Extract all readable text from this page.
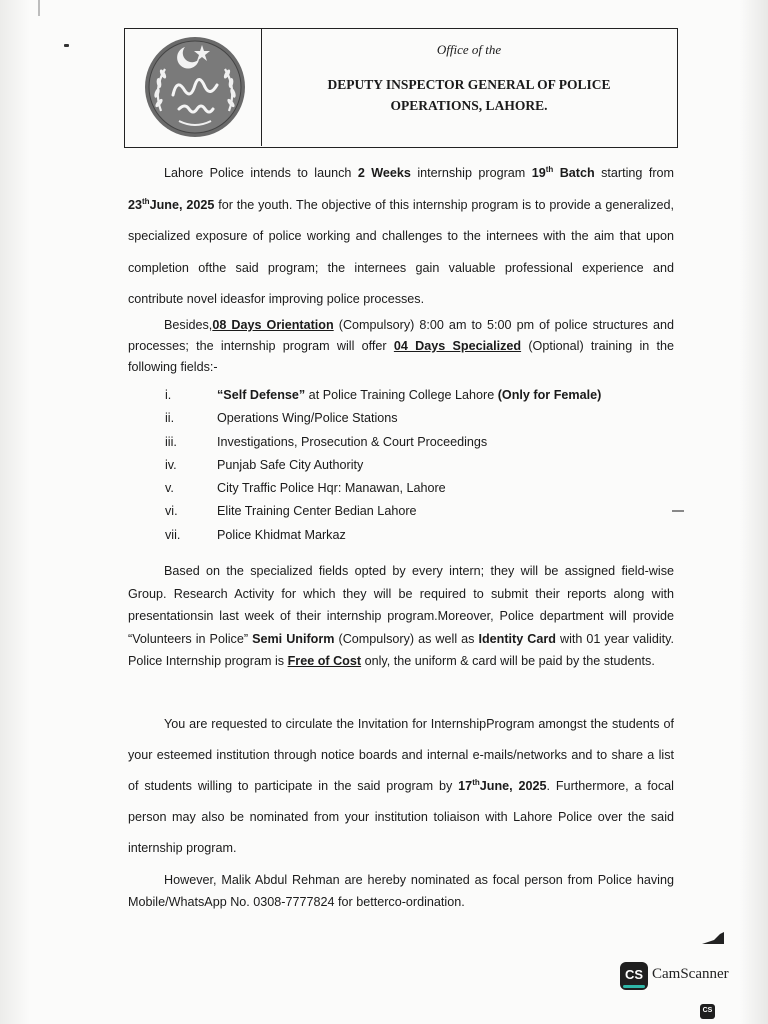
Office of the
DEPUTY INSPECTOR GENERAL OF POLICE
OPERATIONS, LAHORE.
Lahore Police intends to launch 2 Weeks internship program 19th Batch starting from 23thJune, 2025 for the youth. The objective of this internship program is to provide a generalized, specialized exposure of police working and challenges to the internees with the aim that upon completion ofthe said program; the internees gain valuable professional experience and contribute novel ideasfor improving police processes.
Besides,08 Days Orientation (Compulsory) 8:00 am to 5:00 pm of police structures and processes; the internship program will offer 04 Days Specialized (Optional) training in the following fields:-
i.	“Self Defense” at Police Training College Lahore (Only for Female)
ii.	Operations Wing/Police Stations
iii.	Investigations, Prosecution & Court Proceedings
iv.	Punjab Safe City Authority
v.	City Traffic Police Hqr: Manawan, Lahore
vi.	Elite Training Center Bedian Lahore
vii.	Police Khidmat Markaz
Based on the specialized fields opted by every intern; they will be assigned field-wise Group. Research Activity for which they will be required to submit their reports along with presentationsin last week of their internship program.Moreover, Police department will provide “Volunteers in Police” Semi Uniform (Compulsory) as well as Identity Card with 01 year validity. Police Internship program is Free of Cost only, the uniform & card will be paid by the students.
You are requested to circulate the Invitation for InternshipProgram amongst the students of your esteemed institution through notice boards and internal e-mails/networks and to share a list of students willing to participate in the said program by 17thJune, 2025. Furthermore, a focal person may also be nominated from your institution toliaison with Lahore Police over the said internship program.
However, Malik Abdul Rehman are hereby nominated as focal person from Police having Mobile/WhatsApp No. 0308-7777824 for betterco-ordination.
CS CamScanner
CS
